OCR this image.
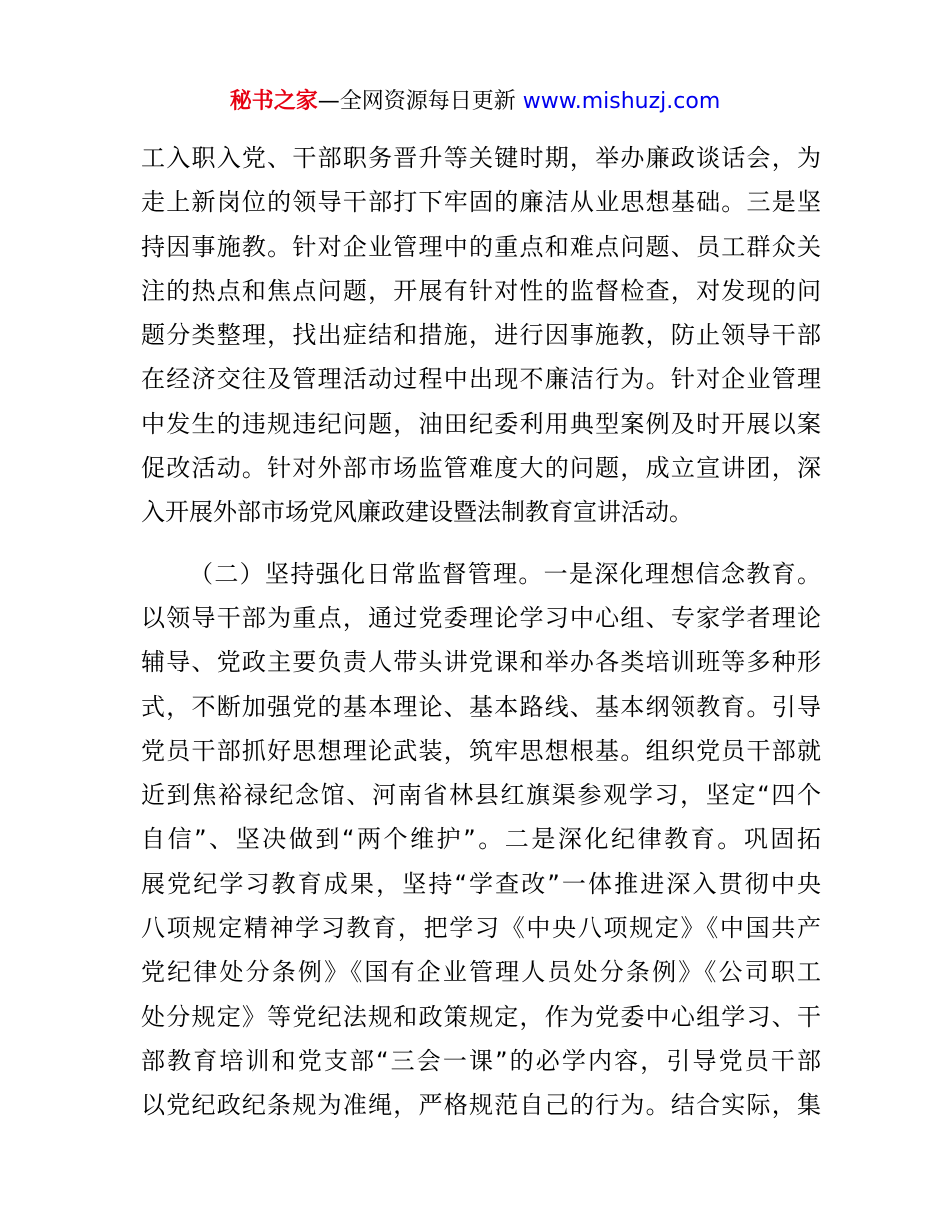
秘书之家—全网资源每日更新 www.mishuzj.com
工入职入党、干部职务晋升等关键时期，举办廉政谈话会，为
走上新岗位的领导干部打下牢固的廉洁从业思想基础。三是坚
持因事施教。针对企业管理中的重点和难点问题、员工群众关
注的热点和焦点问题，开展有针对性的监督检查，对发现的问
题分类整理，找出症结和措施，进行因事施教，防止领导干部
在经济交往及管理活动过程中出现不廉洁行为。针对企业管理
中发生的违规违纪问题，油田纪委利用典型案例及时开展以案
促改活动。针对外部市场监管难度大的问题，成立宣讲团，深
入开展外部市场党风廉政建设暨法制教育宣讲活动。
（二）坚持强化日常监督管理。一是深化理想信念教育。
以领导干部为重点，通过党委理论学习中心组、专家学者理论
辅导、党政主要负责人带头讲党课和举办各类培训班等多种形
式，不断加强党的基本理论、基本路线、基本纲领教育。引导
党员干部抓好思想理论武装，筑牢思想根基。组织党员干部就
近到焦裕禄纪念馆、河南省林县红旗渠参观学习，坚定“四个
自信”、坚决做到“两个维护”。二是深化纪律教育。巩固拓
展党纪学习教育成果，坚持“学查改”一体推进深入贯彻中央
八项规定精神学习教育，把学习《中央八项规定》《中国共产
党纪律处分条例》《国有企业管理人员处分条例》《公司职工
处分规定》等党纪法规和政策规定，作为党委中心组学习、干
部教育培训和党支部“三会一课”的必学内容，引导党员干部
以党纪政纪条规为准绳，严格规范自己的行为。结合实际，集
